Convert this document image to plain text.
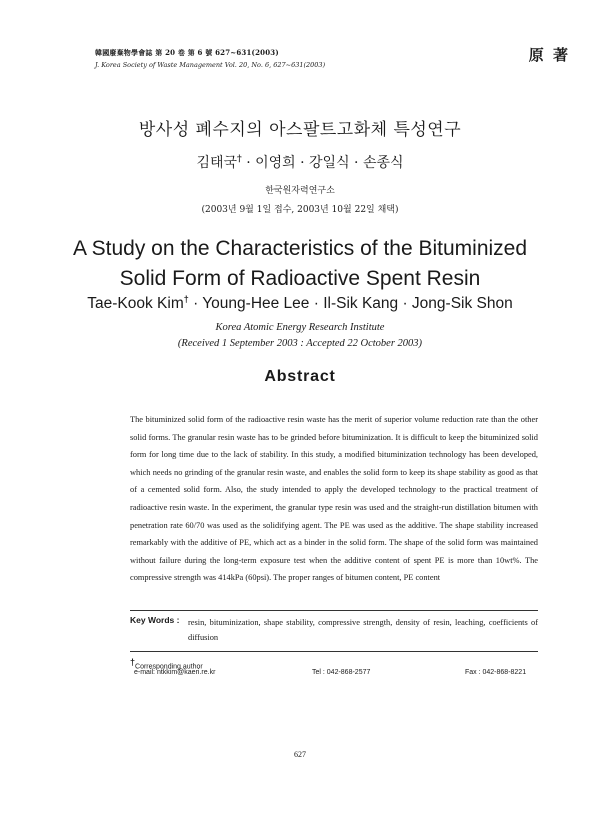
韓國廢棄物學會誌 第 20 卷 第 6 號 627~631(2003)
J. Korea Society of Waste Management Vol. 20, No. 6, 627~631(2003)
原 著
방사성 폐수지의 아스팔트고화체 특성연구
김태국† · 이영희 · 강일식 · 손종식
한국원자력연구소
(2003년 9월 1일 접수, 2003년 10월 22일 채택)
A Study on the Characteristics of the Bituminized
Solid Form of Radioactive Spent Resin
Tae-Kook Kim† · Young-Hee Lee · Il-Sik Kang · Jong-Sik Shon
Korea Atomic Energy Research Institute
(Received 1 September 2003 : Accepted 22 October 2003)
Abstract
The bituminized solid form of the radioactive resin waste has the merit of superior volume reduction rate than the other solid forms. The granular resin waste has to be grinded before bituminization. It is difficult to keep the bituminized solid form for long time due to the lack of stability. In this study, a modified bituminization technology has been developed, which needs no grinding of the granular resin waste, and enables the solid form to keep its shape stability as good as that of a cemented solid form. Also, the study intended to apply the developed technology to the practical treatment of radioactive resin waste. In the experiment, the granular type resin was used and the straight-run distillation bitumen with penetration rate 60/70 was used as the solidifying agent. The PE was used as the additive. The shape stability increased remarkably with the additive of PE, which act as a binder in the solid form. The shape of the solid form was maintained without failure during the long-term exposure test when the additive content of spent PE is more than 10wt%. The compressive strength was 414kPa (60psi). The proper ranges of bitumen content, PE content
Key Words : resin, bituminization, shape stability, compressive strength, density of resin, leaching, coefficients of diffusion
†Corresponding author
e-mail: ntkkim@kaeri.re.kr	Tel : 042-868-2577	Fax : 042-868-8221
627
